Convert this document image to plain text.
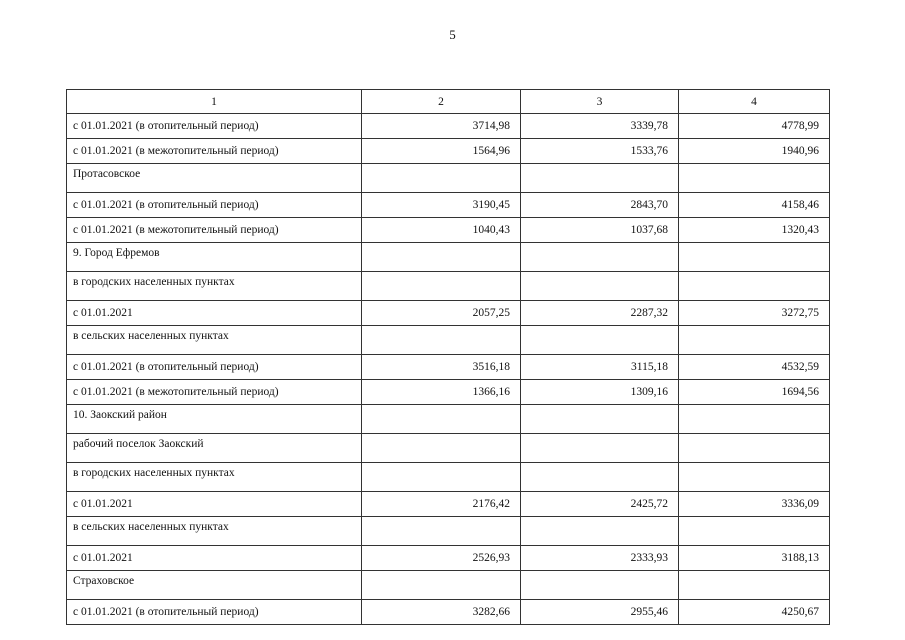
5
1	2	3	4
с 01.01.2021 (в отопительный период)	3714,98	3339,78	4778,99
с 01.01.2021 (в межотопительный период)	1564,96	1533,76	1940,96
Протасовское			
с 01.01.2021 (в отопительный период)	3190,45	2843,70	4158,46
с 01.01.2021 (в межотопительный период)	1040,43	1037,68	1320,43
9. Город Ефремов			
в городских населенных пунктах			
с 01.01.2021	2057,25	2287,32	3272,75
в сельских населенных пунктах			
с 01.01.2021 (в отопительный период)	3516,18	3115,18	4532,59
с 01.01.2021 (в межотопительный период)	1366,16	1309,16	1694,56
10. Заокский район			
рабочий поселок Заокский			
в городских населенных пунктах			
с 01.01.2021	2176,42	2425,72	3336,09
в сельских населенных пунктах			
с 01.01.2021	2526,93	2333,93	3188,13
Страховское			
с 01.01.2021 (в отопительный период)	3282,66	2955,46	4250,67
